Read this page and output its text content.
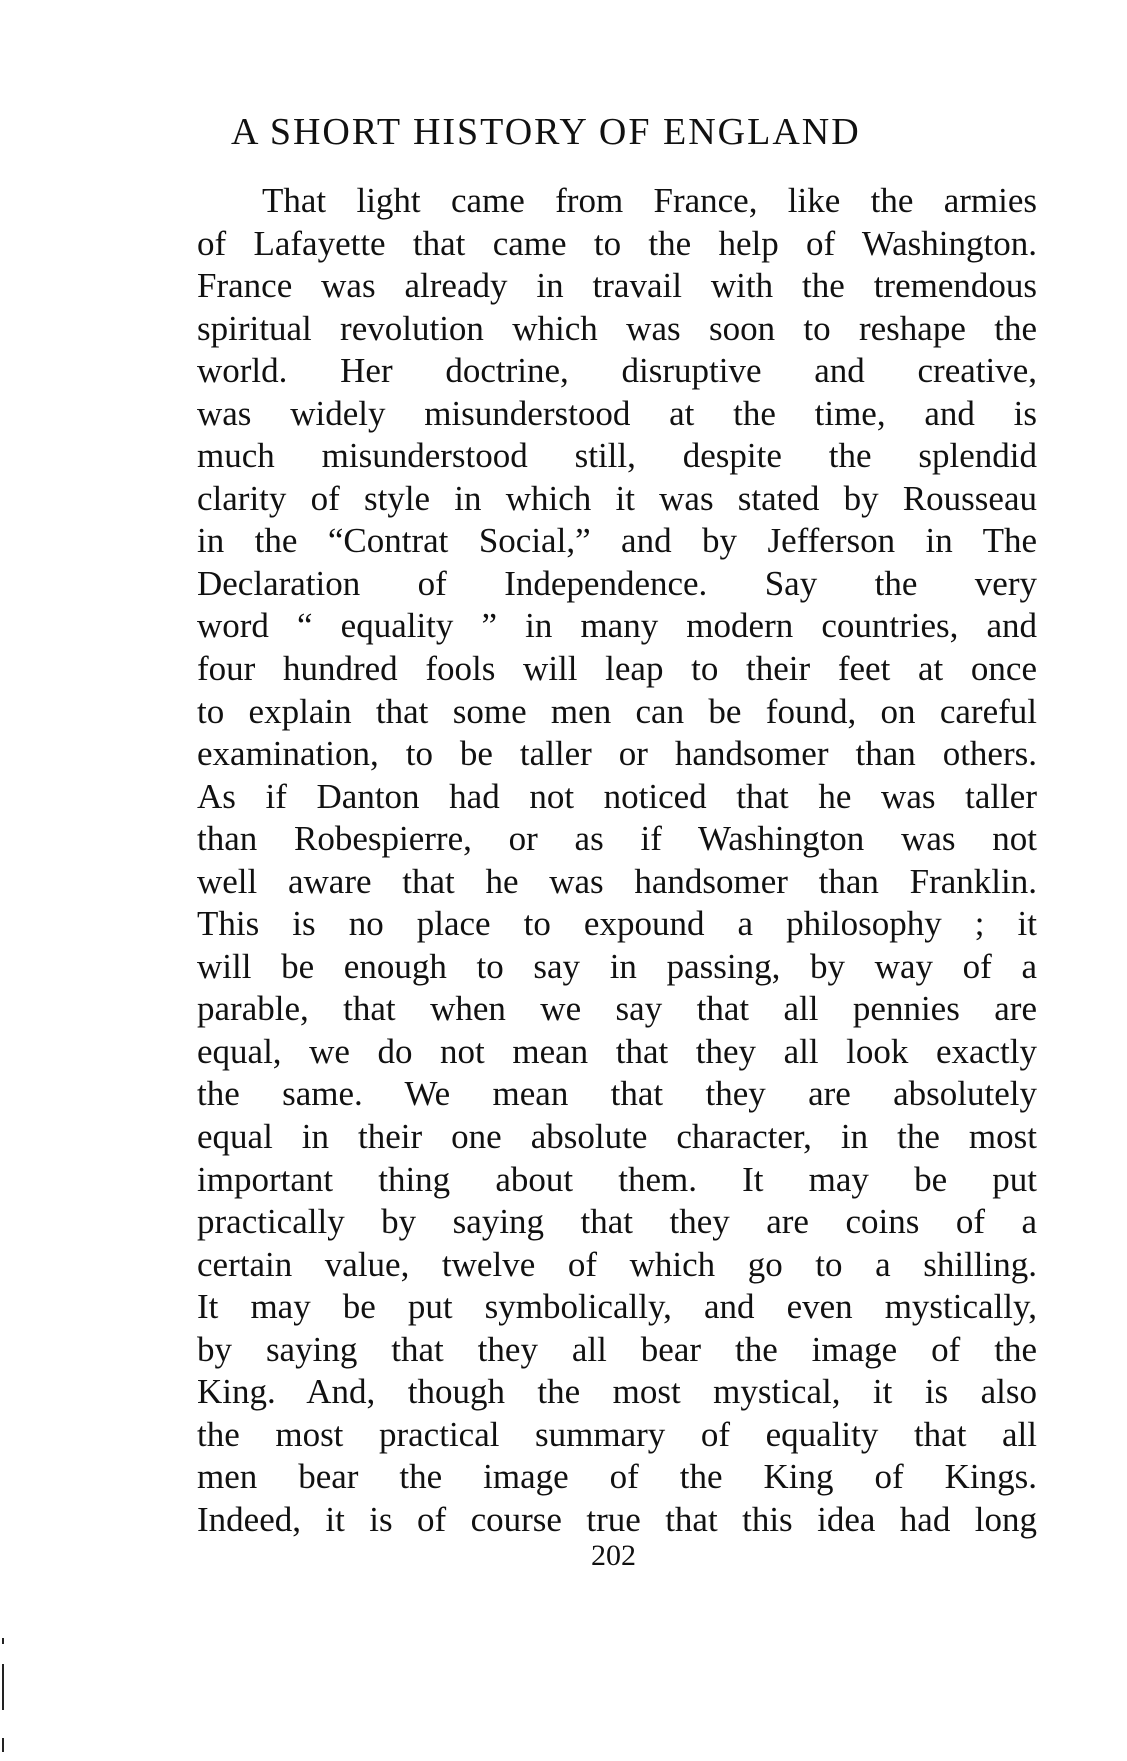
A SHORT HISTORY OF ENGLAND
That light came from France, like the armies
of Lafayette that came to the help of Washington.
France was already in travail with the tremendous
spiritual revolution which was soon to reshape the
world. Her doctrine, disruptive and creative,
was widely misunderstood at the time, and is
much misunderstood still, despite the splendid
clarity of style in which it was stated by Rousseau
in the “Contrat Social,” and by Jefferson in The
Declaration of Independence. Say the very
word “ equality ” in many modern countries, and
four hundred fools will leap to their feet at once
to explain that some men can be found, on careful
examination, to be taller or handsomer than others.
As if Danton had not noticed that he was taller
than Robespierre, or as if Washington was not
well aware that he was handsomer than Franklin.
This is no place to expound a philosophy ; it
will be enough to say in passing, by way of a
parable, that when we say that all pennies are
equal, we do not mean that they all look exactly
the same. We mean that they are absolutely
equal in their one absolute character, in the most
important thing about them. It may be put
practically by saying that they are coins of a
certain value, twelve of which go to a shilling.
It may be put symbolically, and even mystically,
by saying that they all bear the image of the
King. And, though the most mystical, it is also
the most practical summary of equality that all
men bear the image of the King of Kings.
Indeed, it is of course true that this idea had long
202
